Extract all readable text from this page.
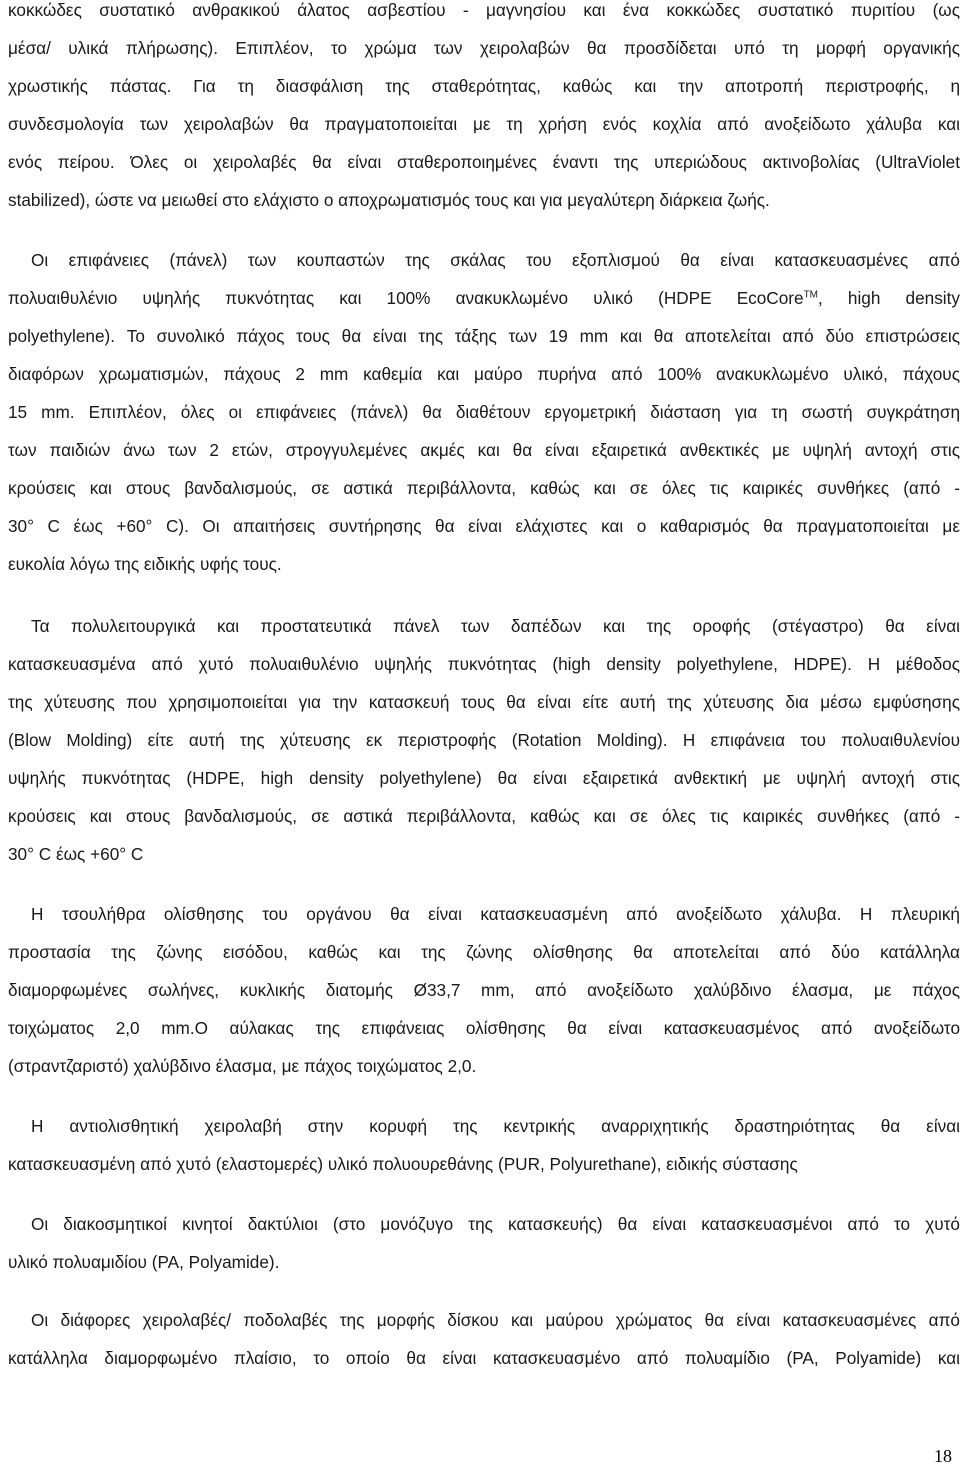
κοκκώδες συστατικό ανθρακικού άλατος ασβεστίου - μαγνησίου και ένα κοκκώδες συστατικό πυριτίου (ως
μέσα/ υλικά πλήρωσης). Επιπλέον, το χρώμα των χειρολαβών θα προσδίδεται υπό τη μορφή οργανικής
χρωστικής πάστας. Για τη διασφάλιση της σταθερότητας, καθώς και την αποτροπή περιστροφής, η
συνδεσμολογία των χειρολαβών θα πραγματοποιείται με τη χρήση ενός κοχλία από ανοξείδωτο χάλυβα και
ενός πείρου. Όλες οι χειρολαβές θα είναι σταθεροποιημένες έναντι της υπεριώδους ακτινοβολίας (UltraViolet
stabilized), ώστε να μειωθεί στο ελάχιστο ο αποχρωματισμός τους και για μεγαλύτερη διάρκεια ζωής.
Οι επιφάνειες (πάνελ) των κουπαστών της σκάλας του εξοπλισμού θα είναι κατασκευασμένες από
πολυαιθυλένιο υψηλής πυκνότητας και 100% ανακυκλωμένο υλικό (HDPE EcoCore™, high density
polyethylene). Το συνολικό πάχος τους θα είναι της τάξης των 19 mm και θα αποτελείται από δύο επιστρώσεις
διαφόρων χρωματισμών, πάχους 2 mm καθεμία και μαύρο πυρήνα από 100% ανακυκλωμένο υλικό, πάχους
15 mm. Επιπλέον, όλες οι επιφάνειες (πάνελ) θα διαθέτουν εργομετρική διάσταση για τη σωστή συγκράτηση
των παιδιών άνω των 2 ετών, στρογγυλεμένες ακμές και θα είναι εξαιρετικά ανθεκτικές με υψηλή αντοχή στις
κρούσεις και στους βανδαλισμούς, σε αστικά περιβάλλοντα, καθώς και σε όλες τις καιρικές συνθήκες (από -
30° C έως +60° C). Οι απαιτήσεις συντήρησης θα είναι ελάχιστες και ο καθαρισμός θα πραγματοποιείται με
ευκολία λόγω της ειδικής υφής τους.
Τα πολυλειτουργικά και προστατευτικά πάνελ των δαπέδων και της οροφής (στέγαστρο) θα είναι
κατασκευασμένα από χυτό πολυαιθυλένιο υψηλής πυκνότητας (high density polyethylene, HDPE). Η μέθοδος
της χύτευσης που χρησιμοποιείται για την κατασκευή τους θα είναι είτε αυτή της χύτευσης δια μέσω εμφύσησης
(Blow Molding) είτε αυτή της χύτευσης εκ περιστροφής (Rotation Molding). Η επιφάνεια του πολυαιθυλενίου
υψηλής πυκνότητας (HDPE, high density polyethylene) θα είναι εξαιρετικά ανθεκτική με υψηλή αντοχή στις
κρούσεις και στους βανδαλισμούς, σε αστικά περιβάλλοντα, καθώς και σε όλες τις καιρικές συνθήκες (από -
30° C έως +60° C
Η τσουλήθρα ολίσθησης του οργάνου θα είναι κατασκευασμένη από ανοξείδωτο χάλυβα. Η πλευρική
προστασία της ζώνης εισόδου, καθώς και της ζώνης ολίσθησης θα αποτελείται από δύο κατάλληλα
διαμορφωμένες σωλήνες, κυκλικής διατομής Ø33,7 mm, από ανοξείδωτο χαλύβδινο έλασμα, με πάχος
τοιχώματος 2,0 mm.Ο αύλακας της επιφάνειας ολίσθησης θα είναι κατασκευασμένος από ανοξείδωτο
(στραντζαριστό) χαλύβδινο έλασμα, με πάχος τοιχώματος 2,0.
Η αντιολισθητική χειρολαβή στην κορυφή της κεντρικής αναρριχητικής δραστηριότητας θα είναι
κατασκευασμένη από χυτό (ελαστομερές) υλικό πολυουρεθάνης (PUR, Polyurethane), ειδικής σύστασης
Οι διακοσμητικοί κινητοί δακτύλιοι (στο μονόζυγο της κατασκευής) θα είναι κατασκευασμένοι από το χυτό
υλικό πολυαμιδίου (PA, Polyamide).
Οι διάφορες χειρολαβές/ ποδολαβές της μορφής δίσκου και μαύρου χρώματος θα είναι κατασκευασμένες από
κατάλληλα διαμορφωμένο πλαίσιο, το οποίο θα είναι κατασκευασμένο από πολυαμίδιο (PA, Polyamide) και
18
